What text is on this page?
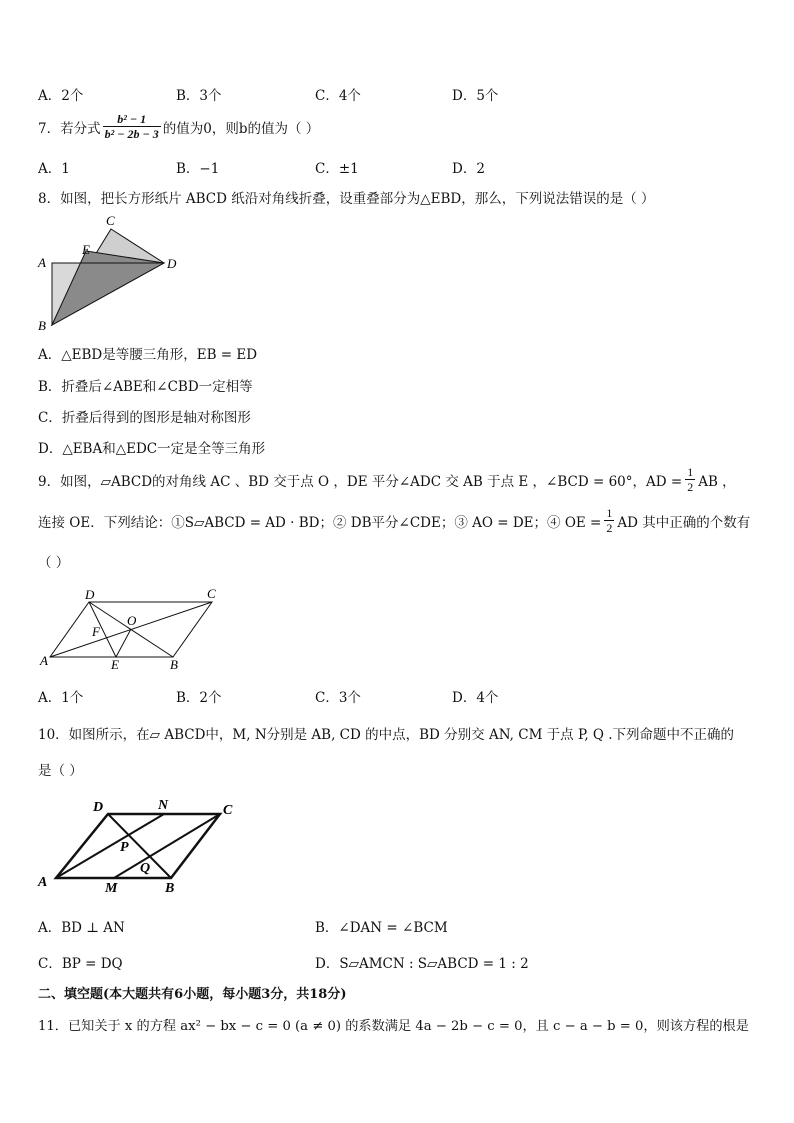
A．2个	B．3个	C．4个	D．5个
7．若分式 $\frac{\text{b² − 1}}{\text{b² − 2b − 3}}$ 的值为0，则b的值为（ ）
A．1	B．−1	C．±1	D．2
8．如图，把长方形纸片 ABCD 纸沿对角线折叠，设重叠部分为△EBD，那么，下列说法错误的是（ ）
C
E
A	D
B
A．△EBD是等腰三角形，EB = ED
B．折叠后∠ABE和∠CBD一定相等
C．折叠后得到的图形是轴对称图形
D．△EBA和△EDC一定是全等三角形
9．如图，▱ABCD的对角线 AC 、BD 交于点 O ，DE 平分∠ADC 交 AB 于点 E ，∠BCD = 60°，AD = $\frac{1}{2}$ AB ，
连接 OE．下列结论：①S▱ABCD = AD · BD；② DB平分∠CDE；③ AO = DE；④ OE = $\frac{1}{2}$ AD 其中正确的个数有
（ ）
D	C
O
F
A	E	B
A．1个	B．2个	C．3个	D．4个
10．如图所示，在▱ ABCD中，M, N分别是 AB, CD 的中点，BD 分别交 AN, CM 于点 P, Q .下列命题中不正确的
是（ ）
D	N	C
P
Q
A	M	B
A．BD ⊥ AN	B．∠DAN = ∠BCM
C．BP = DQ	D．S▱AMCN : S▱ABCD = 1 : 2
二、填空题(本大题共有6小题，每小题3分，共18分)
11．已知关于 x 的方程 ax² − bx − c = 0 (a ≠ 0) 的系数满足 4a − 2b − c = 0，且 c − a − b = 0，则该方程的根是
